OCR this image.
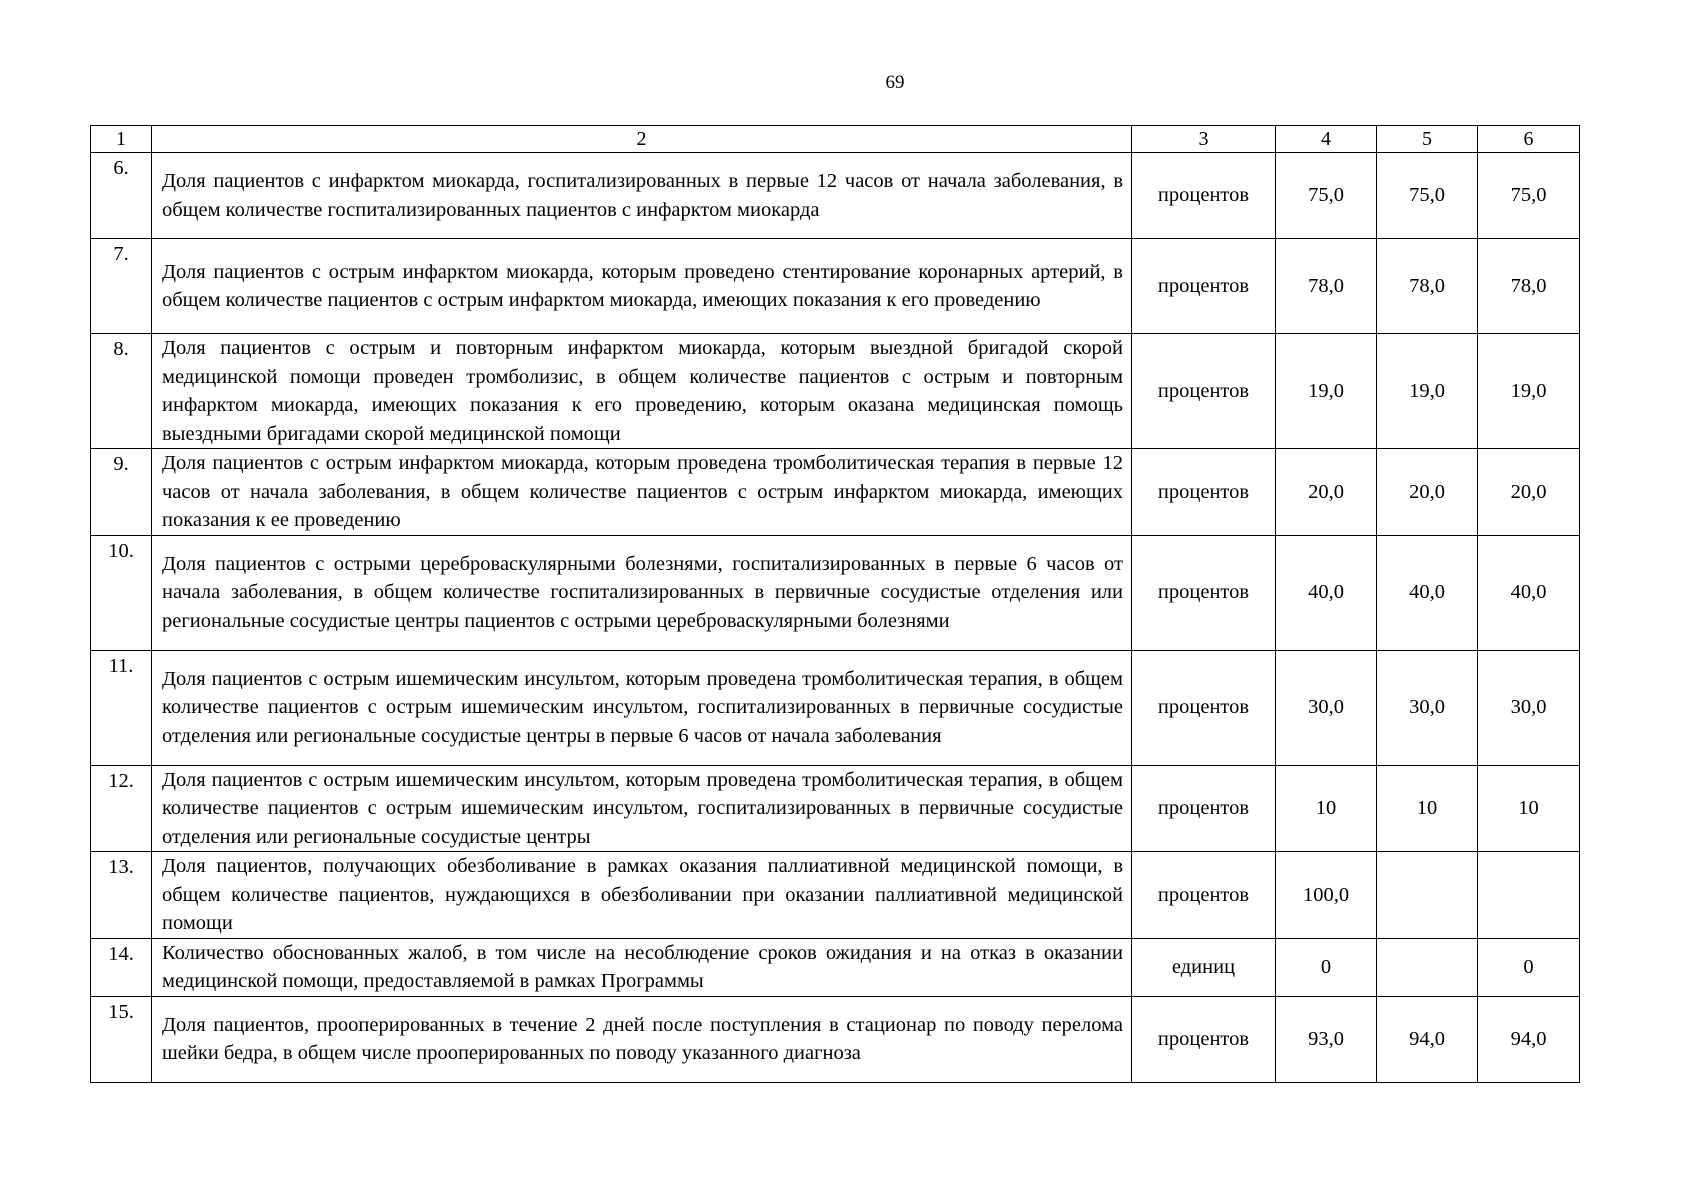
69
1	2	3	4	5	6
6.	Доля пациентов с инфарктом миокарда, госпитализированных в первые 12 часов от начала заболевания, в общем количестве госпитализированных пациентов с инфарктом миокарда	процентов	75,0	75,0	75,0
7.	Доля пациентов с острым инфарктом миокарда, которым проведено стентирование коронарных артерий, в общем количестве пациентов с острым инфарктом миокарда, имеющих показания к его проведению	процентов	78,0	78,0	78,0
8.	Доля пациентов с острым и повторным инфарктом миокарда, которым выездной бригадой скорой медицинской помощи проведен тромболизис, в общем количестве пациентов с острым и повторным инфарктом миокарда, имеющих показания к его проведению, которым оказана медицинская помощь выездными бригадами скорой медицинской помощи	процентов	19,0	19,0	19,0
9.	Доля пациентов с острым инфарктом миокарда, которым проведена тромболитическая терапия в первые 12 часов от начала заболевания, в общем количестве пациентов с острым инфарктом миокарда, имеющих показания к ее проведению	процентов	20,0	20,0	20,0
10.	Доля пациентов с острыми цереброваскулярными болезнями, госпитализированных в первые 6 часов от начала заболевания, в общем количестве госпитализированных в первичные сосудистые отделения или региональные сосудистые центры пациентов с острыми цереброваскулярными болезнями	процентов	40,0	40,0	40,0
11.	Доля пациентов с острым ишемическим инсультом, которым проведена тромболитическая терапия, в общем количестве пациентов с острым ишемическим инсультом, госпитализированных в первичные сосудистые отделения или региональные сосудистые центры в первые 6 часов от начала заболевания	процентов	30,0	30,0	30,0
12.	Доля пациентов с острым ишемическим инсультом, которым проведена тромболитическая терапия, в общем количестве пациентов с острым ишемическим инсультом, госпитализированных в первичные сосудистые отделения или региональные сосудистые центры	процентов	10	10	10
13.	Доля пациентов, получающих обезболивание в рамках оказания паллиативной медицинской помощи, в общем количестве пациентов, нуждающихся в обезболивании при оказании паллиативной медицинской помощи	процентов	100,0		
14.	Количество обоснованных жалоб, в том числе на несоблюдение сроков ожидания и на отказ в оказании медицинской помощи, предоставляемой в рамках Программы	единиц	0		0
15.	Доля пациентов, прооперированных в течение 2 дней после поступления в стационар по поводу перелома шейки бедра, в общем числе прооперированных по поводу указанного диагноза	процентов	93,0	94,0	94,0
